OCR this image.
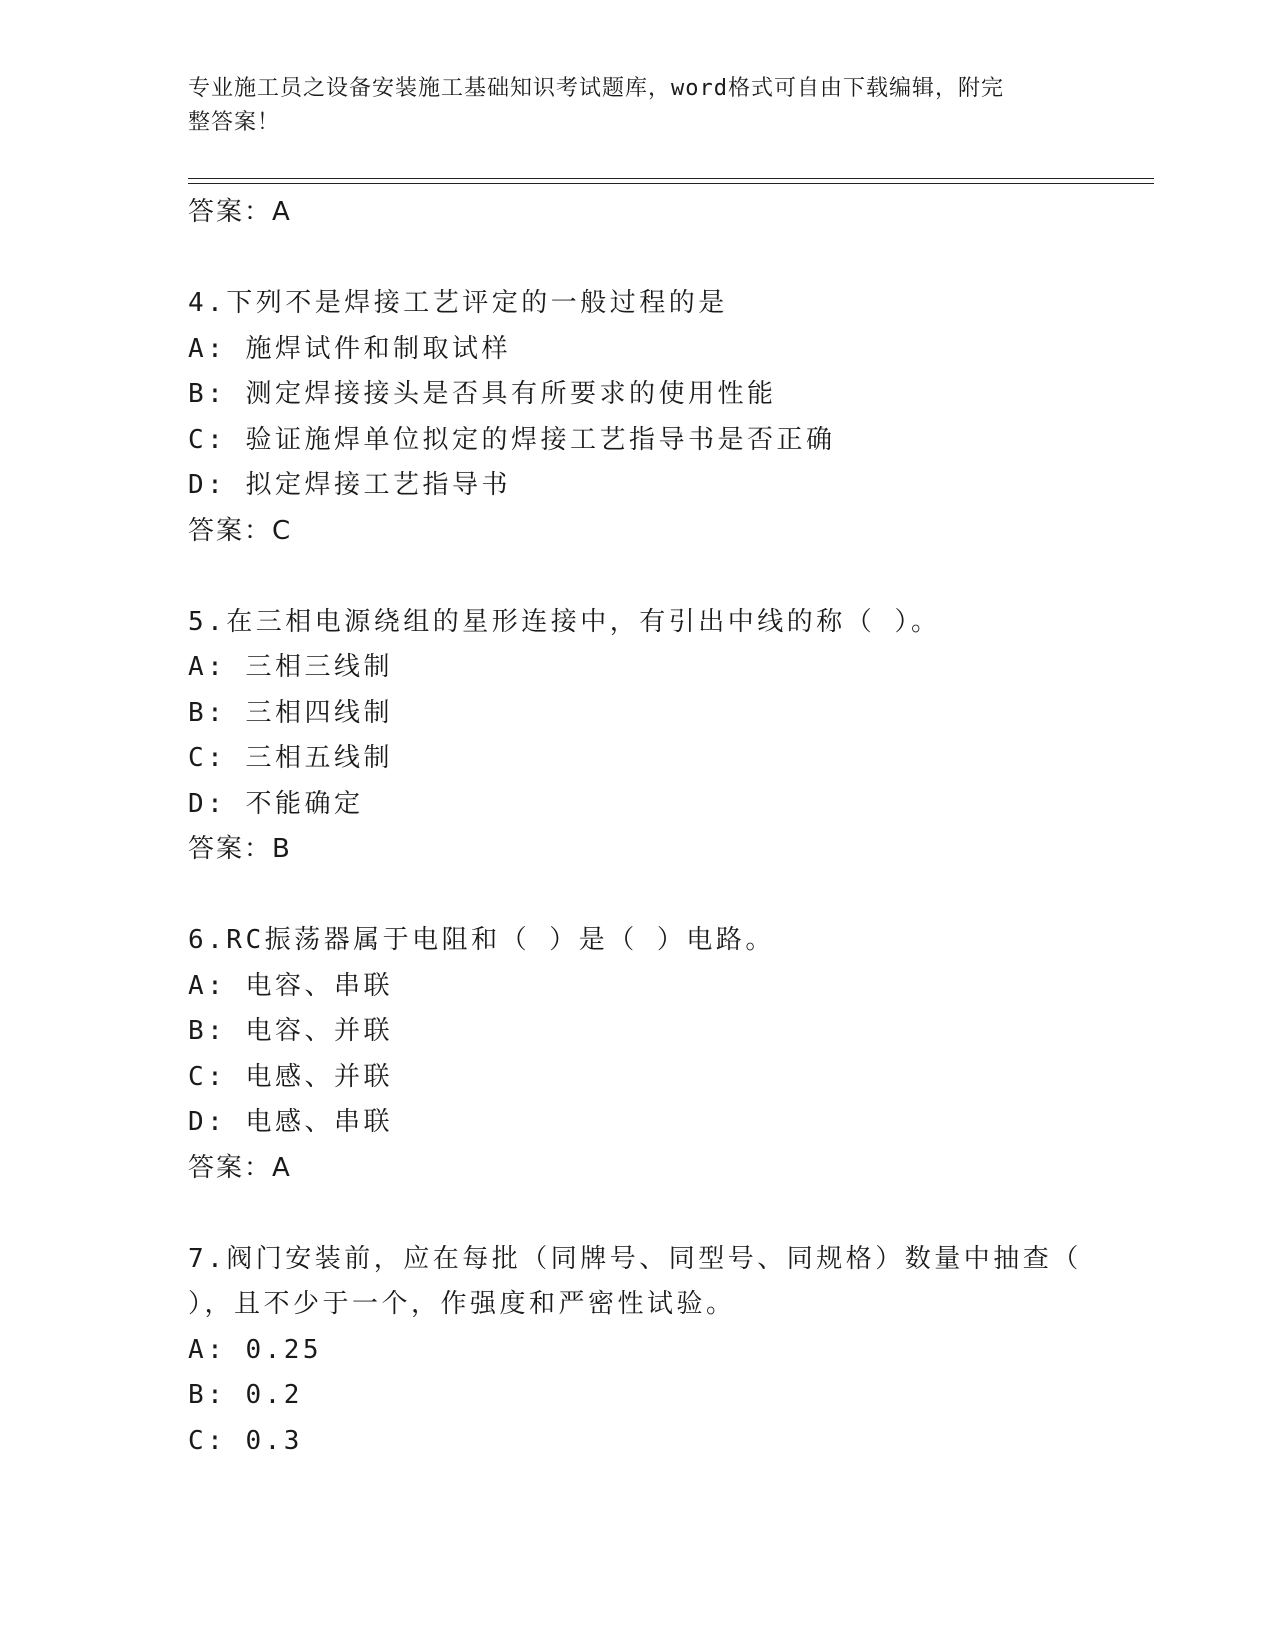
专业施工员之设备安装施工基础知识考试题库，word格式可自由下载编辑，附完
整答案！
答案：A
4.下列不是焊接工艺评定的一般过程的是
A: 施焊试件和制取试样
B: 测定焊接接头是否具有所要求的使用性能
C: 验证施焊单位拟定的焊接工艺指导书是否正确
D: 拟定焊接工艺指导书
答案：C
5.在三相电源绕组的星形连接中，有引出中线的称（ ）。
A: 三相三线制
B: 三相四线制
C: 三相五线制
D: 不能确定
答案：B
6.RC振荡器属于电阻和（ ）是（ ）电路。
A: 电容、串联
B: 电容、并联
C: 电感、并联
D: 电感、串联
答案：A
7.阀门安装前，应在每批（同牌号、同型号、同规格）数量中抽查（
），且不少于一个，作强度和严密性试验。
A: 0.25
B: 0.2
C: 0.3
